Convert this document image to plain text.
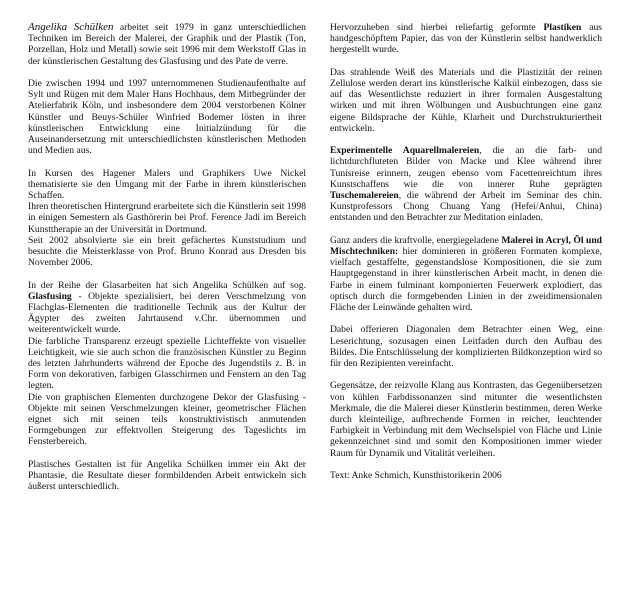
Angelika Schülken arbeitet seit 1979 in ganz unterschiedlichen Techniken im Bereich der Malerei, der Graphik und der Plastik (Ton, Porzellan, Holz und Metall) sowie seit 1996 mit dem Werkstoff Glas in der künstlerischen Gestaltung des Glasfusing und des Pate de verre.

Die zwischen 1994 und 1997 unternommenen Studienaufenthalte auf Sylt und Rügen mit dem Maler Hans Hochhaus, dem Mitbegründer der Atelierfabrik Köln, und insbesondere dem 2004 verstorbenen Kölner Künstler und Beuys-Schüler Winfried Bodemer lösten in ihrer künstlerischen Entwicklung eine Initialzündung für die Auseinandersetzung mit unterschiedlichsten künstlerischen Methoden und Medien aus.

In Kursen des Hagener Malers und Graphikers Uwe Nickel thematisierte sie den Umgang mit der Farbe in ihrem künstlerischen Schaffen.
Ihren theoretischen Hintergrund erarbeitete sich die Künstlerin seit 1998 in einigen Semestern als Gasthörerin bei Prof. Ference Jadi im Bereich Kunsttherapie an der Universität in Dortmund.
Seit 2002 absolvierte sie ein breit gefächertes Kunststudium und besuchte die Meisterklasse von Prof. Bruno Konrad aus Dresden bis November 2006.

In der Reihe der Glasarbeiten hat sich Angelika Schülken auf sog. Glasfusing - Objekte spezialisiert, bei deren Verschmelzung von Flachglas-Elementen die traditionelle Technik aus der Kultur der Ägypter des zweiten Jahrtausend v.Chr. übernommen und weiterentwickelt wurde.
Die farbliche Transparenz erzeugt spezielle Lichteffekte von visueller Leichtigkeit, wie sie auch schon die französischen Künstler zu Beginn des letzten Jahrhunderts während der Epoche des Jugendstils z. B. in Form von dekorativen, farbigen Glasschirmen und Fenstern an den Tag legten.
Die von graphischen Elementen durchzogene Dekor der Glasfusing - Objekte mit seinen Verschmelzungen kleiner, geometrischer Flächen eignet sich mit seinen teils konstruktivistisch anmutenden Formgebungen zur effektvollen Steigerung des Tageslichts im Fensterbereich.

Plastisches Gestalten ist für Angelika Schülken immer ein Akt der Phantasie, die Resultate dieser formbildenden Arbeit entwickeln sich äußerst unterschiedlich.

Hervorzuheben sind hierbei reliefartig geformte Plastiken aus handgeschöpftem Papier, das von der Künstlerin selbst handwerklich hergestellt wurde.

Das strahlende Weiß des Materials und die Plastizität der reinen Zellulose werden derart ins künstlerische Kalkül einbezogen, dass sie auf das Wesentlichste reduziert in ihrer formalen Ausgestaltung wirken und mit ihren Wölbungen und Ausbuchtungen eine ganz eigene Bildsprache der Kühle, Klarheit und Durchstrukturiertheit entwickeln.

Experimentelle Aquarellmalereien, die an die farb- und lichtdurchfluteten Bilder von Macke und Klee während ihrer Tunisreise erinnern, zeugen ebenso vom Facettenreichtum ihres Kunstschaffens wie die von innerer Ruhe geprägten Tuschemalereien, die während der Arbeit im Seminar des chin. Kunstprofessors Chong Chuang Yang (Hefei/Anhui, China) entstanden und den Betrachter zur Meditation einladen.

Ganz anders die kraftvolle, energiegeladene Malerei in Acryl, Öl und Mischtechniken: hier dominieren in größeren Formaten komplexe, vielfach gestaffelte, gegenstandslose Kompositionen, die sie zum Hauptgegenstand in ihrer künstlerischen Arbeit macht, in denen die Farbe in einem fulminant komponierten Feuerwerk explodiert, das optisch durch die formgebenden Linien in der zweidimensionalen Fläche der Leinwände gehalten wird.

Dabei offerieren Diagonalen dem Betrachter einen Weg, eine Leserichtung, sozusagen einen Leitfaden durch den Aufbau des Bildes. Die Entschlüsselung der komplizierten Bildkonzeption wird so für den Rezipienten vereinfacht.

Gegensätze, der reizvolle Klang aus Kontrasten, das Gegenübersetzen von kühlen Farbdissonanzen sind mitunter die wesentlichsten Merkmale, die die Malerei dieser Künstlerin bestimmen, deren Werke durch kleinteilige, aufbrechende Formen in reicher, leuchtender Farbigkeit in Verbindung mit dem Wechselspiel von Fläche und Linie gekennzeichnet sind und somit den Kompositionen immer wieder Raum für Dynamik und Vitalität verleihen.

Text: Anke Schmich, Kunsthistorikerin 2006
